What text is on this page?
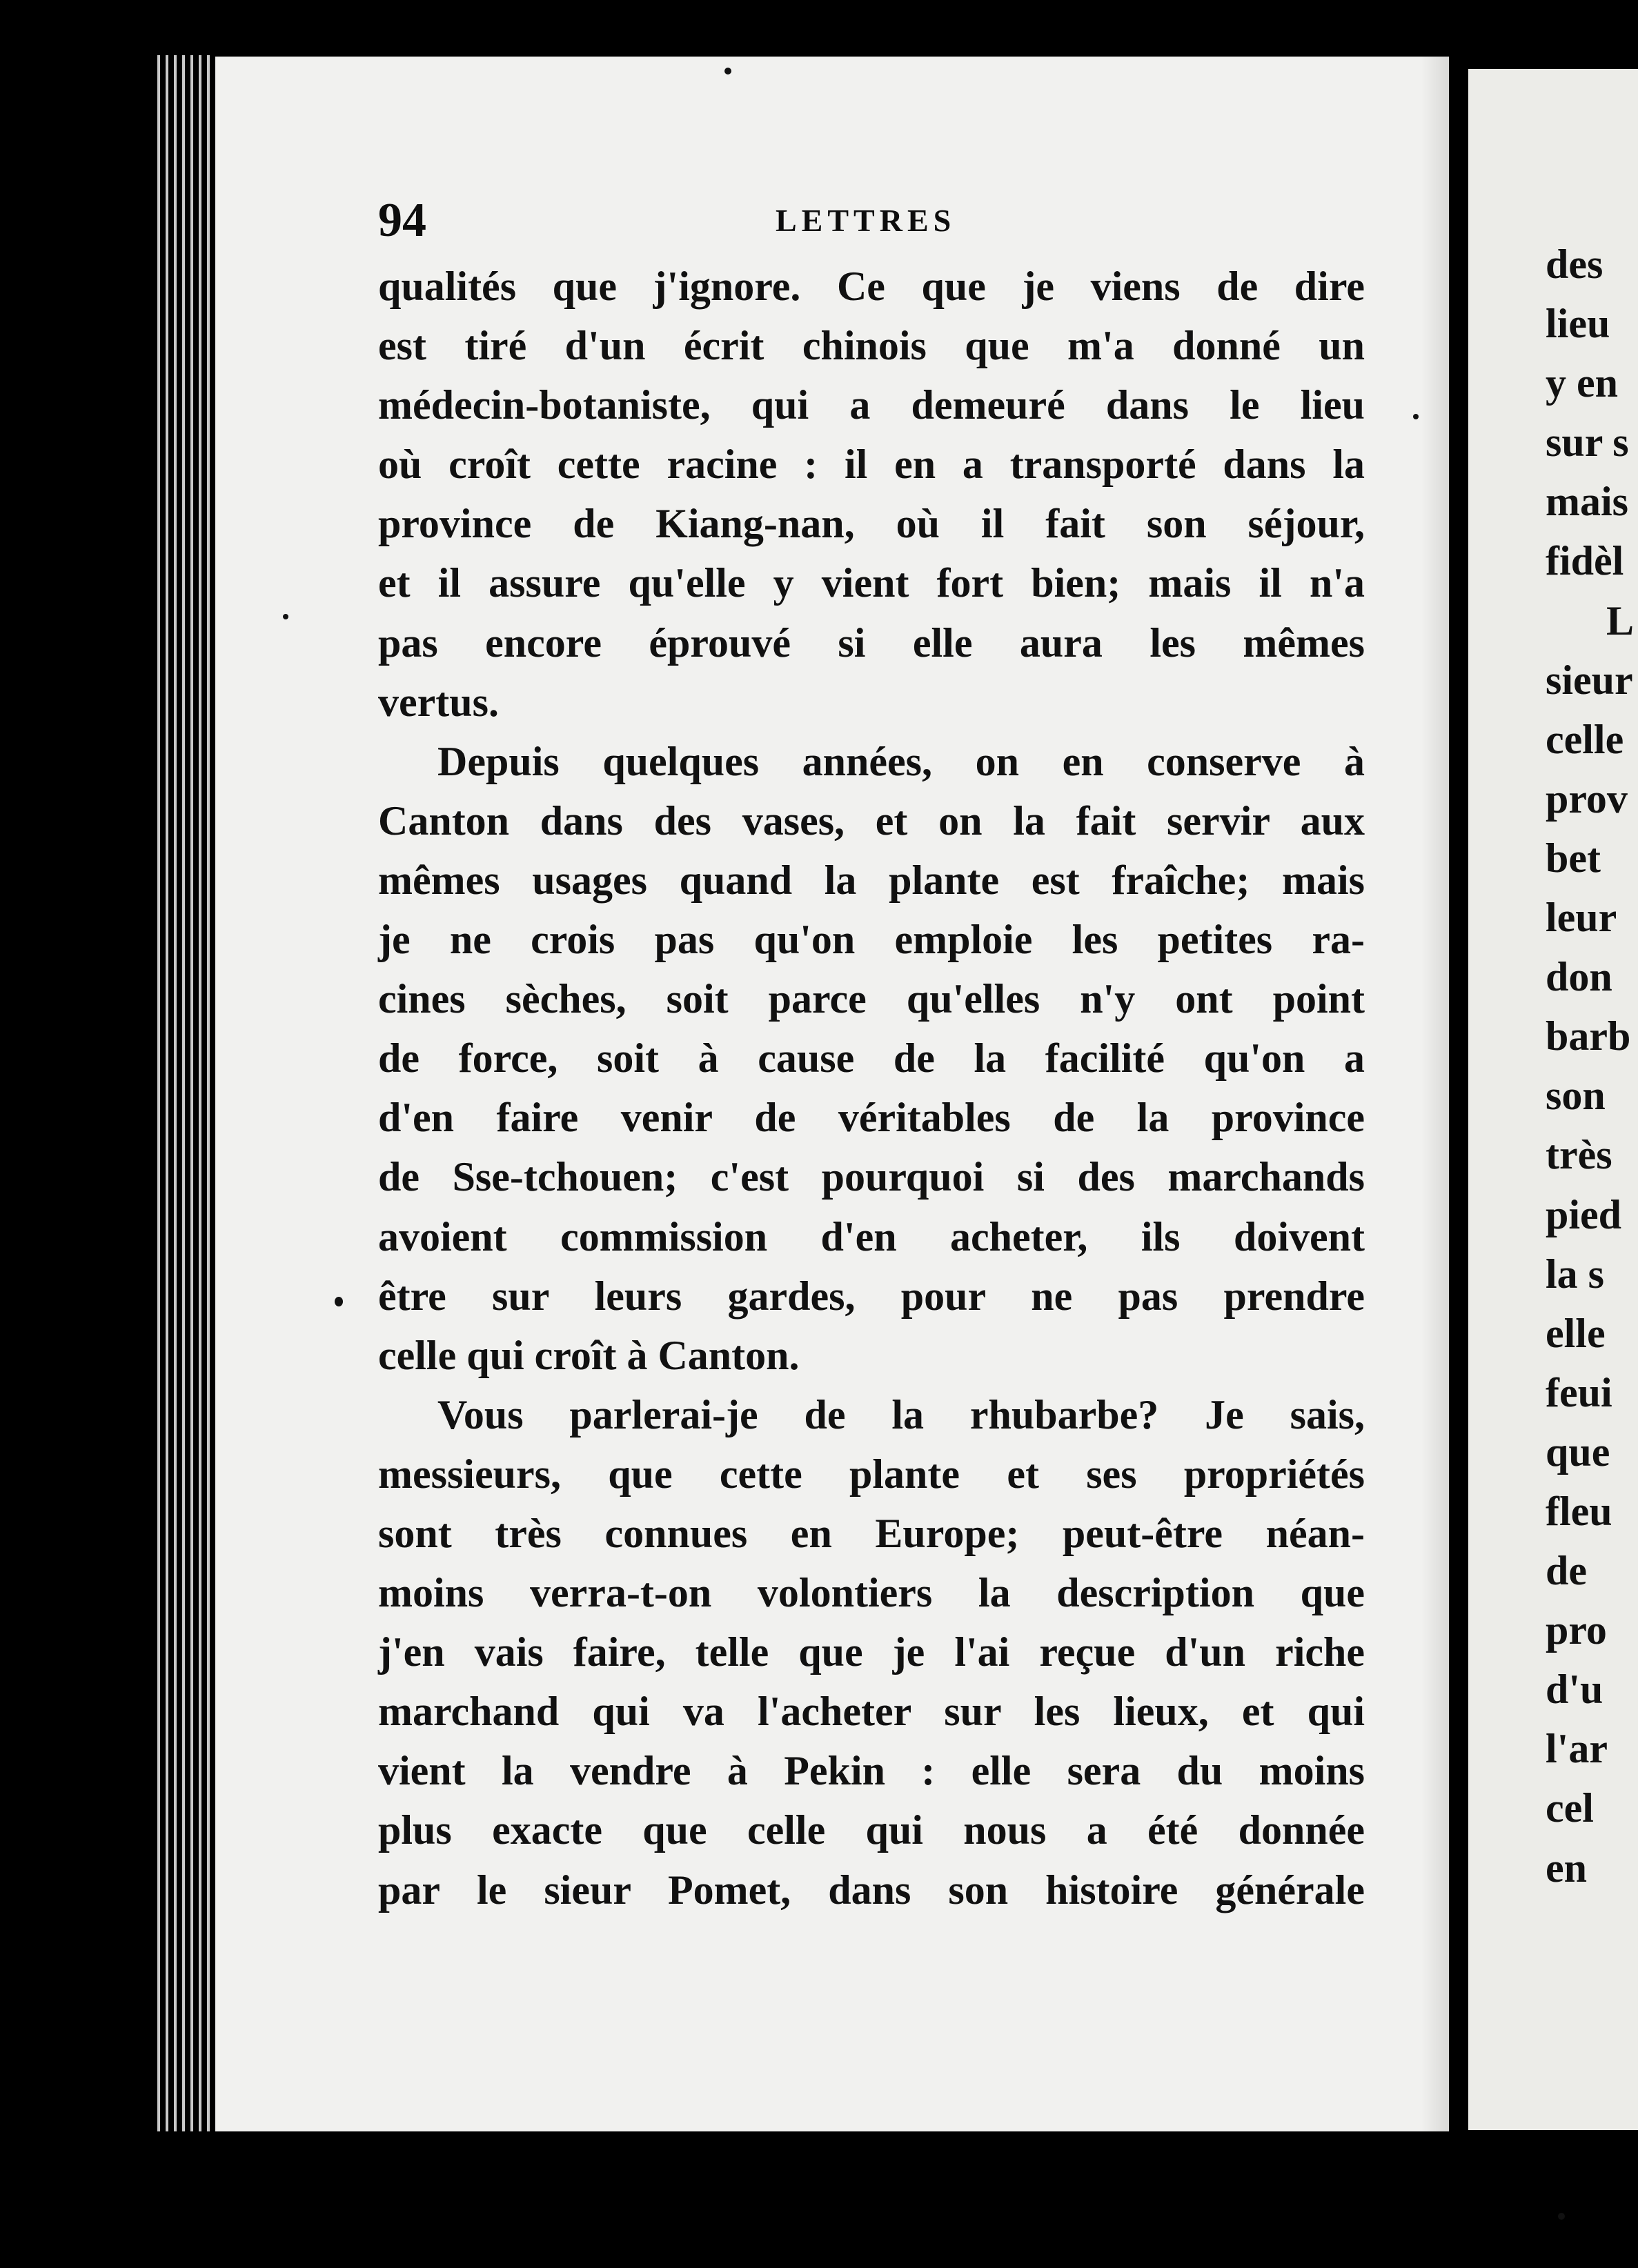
94	LETTRES
qualités que j'ignore. Ce que je viens de dire
est tiré d'un écrit chinois que m'a donné un
médecin-botaniste, qui a demeuré dans le lieu
où croît cette racine : il en a transporté dans la
province de Kiang-nan, où il fait son séjour,
et il assure qu'elle y vient fort bien; mais il n'a
pas encore éprouvé si elle aura les mêmes
vertus.
Depuis quelques années, on en conserve à
Canton dans des vases, et on la fait servir aux
mêmes usages quand la plante est fraîche; mais
je ne crois pas qu'on emploie les petites ra-
cines sèches, soit parce qu'elles n'y ont point
de force, soit à cause de la facilité qu'on a
d'en faire venir de véritables de la province
de Sse-tchouen; c'est pourquoi si des marchands
avoient commission d'en acheter, ils doivent
être sur leurs gardes, pour ne pas prendre
celle qui croît à Canton.
Vous parlerai-je de la rhubarbe? Je sais,
messieurs, que cette plante et ses propriétés
sont très connues en Europe; peut-être néan-
moins verra-t-on volontiers la description que
j'en vais faire, telle que je l'ai reçue d'un riche
marchand qui va l'acheter sur les lieux, et qui
vient la vendre à Pekin : elle sera du moins
plus exacte que celle qui nous a été donnée
par le sieur Pomet, dans son histoire générale
des
lieu
y en
sur s
mais
fidèl
L
sieur
celle
prov
bet
leur
don
barb
son
très
pied
la s
elle
feui
que
fleu
de
pro
d'u
l'ar
cel
en
